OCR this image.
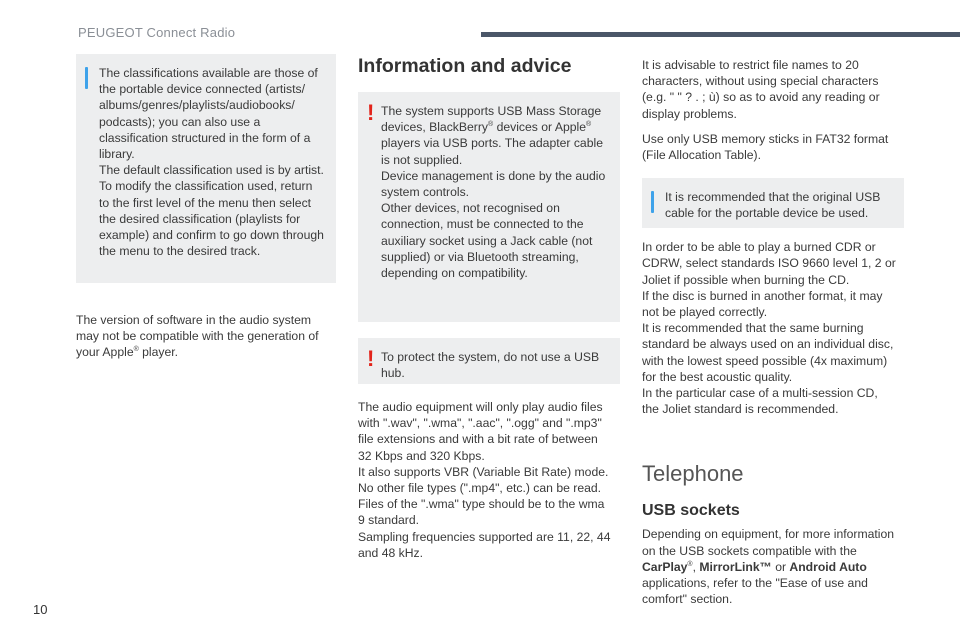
PEUGEOT Connect Radio

The classifications available are those of

the portable device connected (artists/

albums/genres/playlists/audiobooks/

podcasts); you can also use a

classification structured in the form of a

library.

The default classification used is by artist.

To modify the classification used, return

to the first level of the menu then select

the desired classification (playlists for

example) and confirm to go down through

the menu to the desired track.

The version of software in the audio system

may not be compatible with the generation of

your Apple® player.

Information and advice
! The system supports USB Mass Storage

devices, BlackBerry® devices or Apple®

players via USB ports. The adapter cable

is not supplied.

Device management is done by the audio

system controls.

Other devices, not recognised on

connection, must be connected to the

auxiliary socket using a Jack cable (not

supplied) or via Bluetooth streaming,

depending on compatibility.

! To protect the system, do not use a USB

hub.

The audio equipment will only play audio files

with ".wav", ".wma", ".aac", ".ogg" and ".mp3"

file extensions and with a bit rate of between

32 Kbps and 320 Kbps.

It also supports VBR (Variable Bit Rate) mode.

No other file types (".mp4", etc.) can be read.

Files of the ".wma" type should be to the wma

9 standard.

Sampling frequencies supported are 11, 22, 44

and 48 kHz.

It is advisable to restrict file names to 20

characters, without using special characters

(e.g. " " ? . ; ù) so as to avoid any reading or

display problems.

Use only USB memory sticks in FAT32 format

(File Allocation Table).

It is recommended that the original USB

cable for the portable device be used.

In order to be able to play a burned CDR or

CDRW, select standards ISO 9660 level 1, 2 or

Joliet if possible when burning the CD.

If the disc is burned in another format, it may

not be played correctly.

It is recommended that the same burning

standard be always used on an individual disc,

with the lowest speed possible (4x maximum)

for the best acoustic quality.

In the particular case of a multi-session CD,

the Joliet standard is recommended.

Telephone
USB sockets

Depending on equipment, for more information

on the USB sockets compatible with the

CarPlay®, MirrorLink™ or Android Auto

applications, refer to the "Ease of use and

comfort" section.

10
